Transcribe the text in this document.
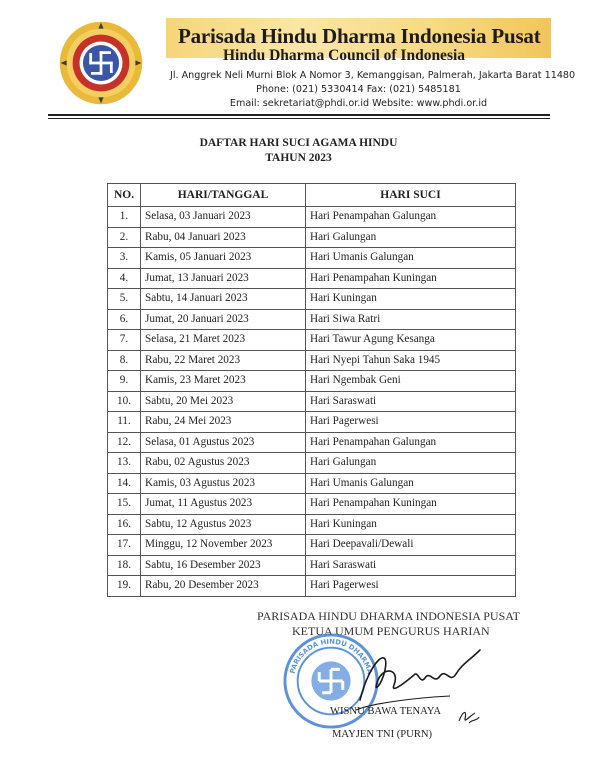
Parisada Hindu Dharma Indonesia Pusat
Hindu Dharma Council of Indonesia
Jl. Anggrek Neli Murni Blok A Nomor 3, Kemanggisan, Palmerah, Jakarta Barat 11480
Phone: (021) 5330414 Fax: (021) 5485181
Email: sekretariat@phdi.or.id Website: www.phdi.or.id
DAFTAR HARI SUCI AGAMA HINDU
TAHUN 2023
NO.	HARI/TANGGAL	HARI SUCI
1.	Selasa, 03 Januari 2023	Hari Penampahan Galungan
2.	Rabu, 04 Januari 2023	Hari Galungan
3.	Kamis, 05 Januari 2023	Hari Umanis Galungan
4.	Jumat, 13 Januari 2023	Hari Penampahan Kuningan
5.	Sabtu, 14 Januari 2023	Hari Kuningan
6.	Jumat, 20 Januari 2023	Hari Siwa Ratri
7.	Selasa, 21 Maret 2023	Hari Tawur Agung Kesanga
8.	Rabu, 22 Maret 2023	Hari Nyepi Tahun Saka 1945
9.	Kamis, 23 Maret 2023	Hari Ngembak Geni
10.	Sabtu, 20 Mei 2023	Hari Saraswati
11.	Rabu, 24 Mei 2023	Hari Pagerwesi
12.	Selasa, 01 Agustus 2023	Hari Penampahan Galungan
13.	Rabu, 02 Agustus 2023	Hari Galungan
14.	Kamis, 03 Agustus 2023	Hari Umanis Galungan
15.	Jumat, 11 Agustus 2023	Hari Penampahan Kuningan
16.	Sabtu, 12 Agustus 2023	Hari Kuningan
17.	Minggu, 12 November 2023	Hari Deepavali/Dewali
18.	Sabtu, 16 Desember 2023	Hari Saraswati
19.	Rabu, 20 Desember 2023	Hari Pagerwesi
PARISADA HINDU DHARMA INDONESIA PUSAT
KETUA UMUM PENGURUS HARIAN
PARISADA HINDU DHARMA
WISNU BAWA TENAYA
MAYJEN TNI (PURN)
